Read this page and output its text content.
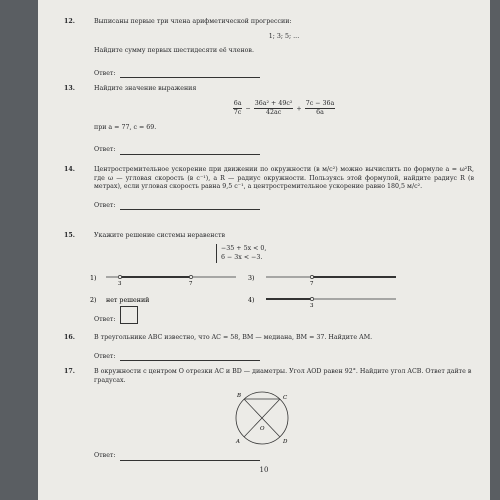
12.	Выписаны первые три члена арифметической прогрессии:
1; 3; 5; ...
Найдите сумму первых шестидесяти её членов.
Ответ:
13.	Найдите значение выражения
$\frac{6a}{7c} - \frac{\text{36a² + 49c²}}{42ac} + \frac{7c - 36a}{6a}$
при a = 77, c = 69.
Ответ:
14.	Центростремительное ускорение при движении по окружности (в м/с²) можно вычислить по формуле a = ω²R, где ω — угловая скорость (в с⁻¹), а R — радиус окружности. Пользуясь этой формулой, найдите радиус R (в метрах), если угловая скорость равна 9,5 с⁻¹, а центростремительное ускорение равно 180,5 м/с².
Ответ:
15.	Укажите решение системы неравенств
−35 + 5x < 0,
6 − 3x < −3.
1)
3	7
3)
7
2) нет решений	4)
3
Ответ:
16.	В треугольнике ABC известно, что AC = 58, BM — медиана, BM = 37. Найдите AM.
Ответ:
17.	В окружности с центром O отрезки AC и BD — диаметры. Угол AOD равен 92°. Найдите угол ACB. Ответ дайте в градусах.
B	C
O
A	D
Ответ:
10
